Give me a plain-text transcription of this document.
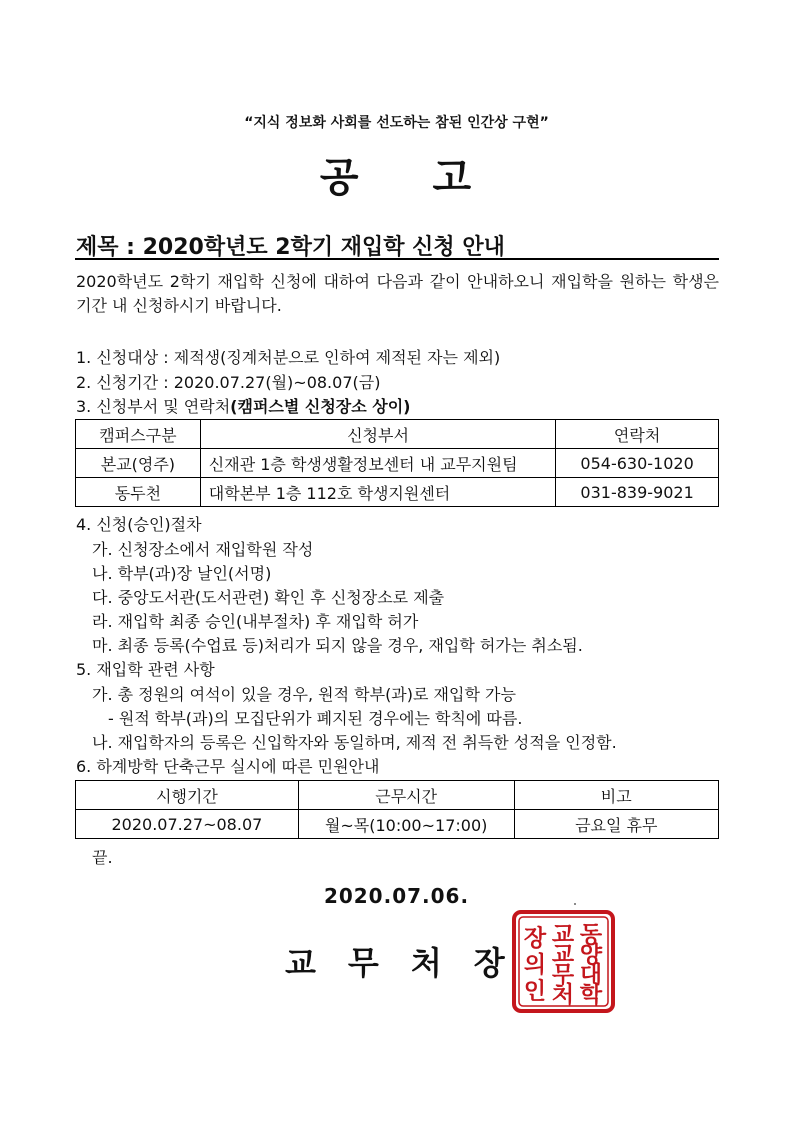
“지식 정보화 사회를 선도하는 참된 인간상 구현”
공 고
제목 : 2020학년도 2학기 재입학 신청 안내
2020학년도 2학기 재입학 신청에 대하여 다음과 같이 안내하오니 재입학을 원하는 학생은 기간 내 신청하시기 바랍니다.
1. 신청대상 : 제적생(징계처분으로 인하여 제적된 자는 제외)
2. 신청기간 : 2020.07.27(월)~08.07(금)
3. 신청부서 및 연락처(캠퍼스별 신청장소 상이)
캠퍼스구분	신청부서	연락처
본교(영주)	신재관 1층 학생생활정보센터 내 교무지원팀	054-630-1020
동두천	대학본부 1층 112호 학생지원센터	031-839-9021
4. 신청(승인)절차
가. 신청장소에서 재입학원 작성
나. 학부(과)장 날인(서명)
다. 중앙도서관(도서관련) 확인 후 신청장소로 제출
라. 재입학 최종 승인(내부절차) 후 재입학 허가
마. 최종 등록(수업료 등)처리가 되지 않을 경우, 재입학 허가는 취소됨.
5. 재입학 관련 사항
가. 총 정원의 여석이 있을 경우, 원적 학부(과)로 재입학 가능
- 원적 학부(과)의 모집단위가 폐지된 경우에는 학칙에 따름.
나. 재입학자의 등록은 신입학자와 동일하며, 제적 전 취득한 성적을 인정함.
6. 하계방학 단축근무 실시에 따른 민원안내
시행기간	근무시간	비고
2020.07.27~08.07	월~목(10:00~17:00)	금요일 휴무
끝.
2020.07.06.
교 무 처 장
동
양
대
학
교
교
무
처
장
의
인
